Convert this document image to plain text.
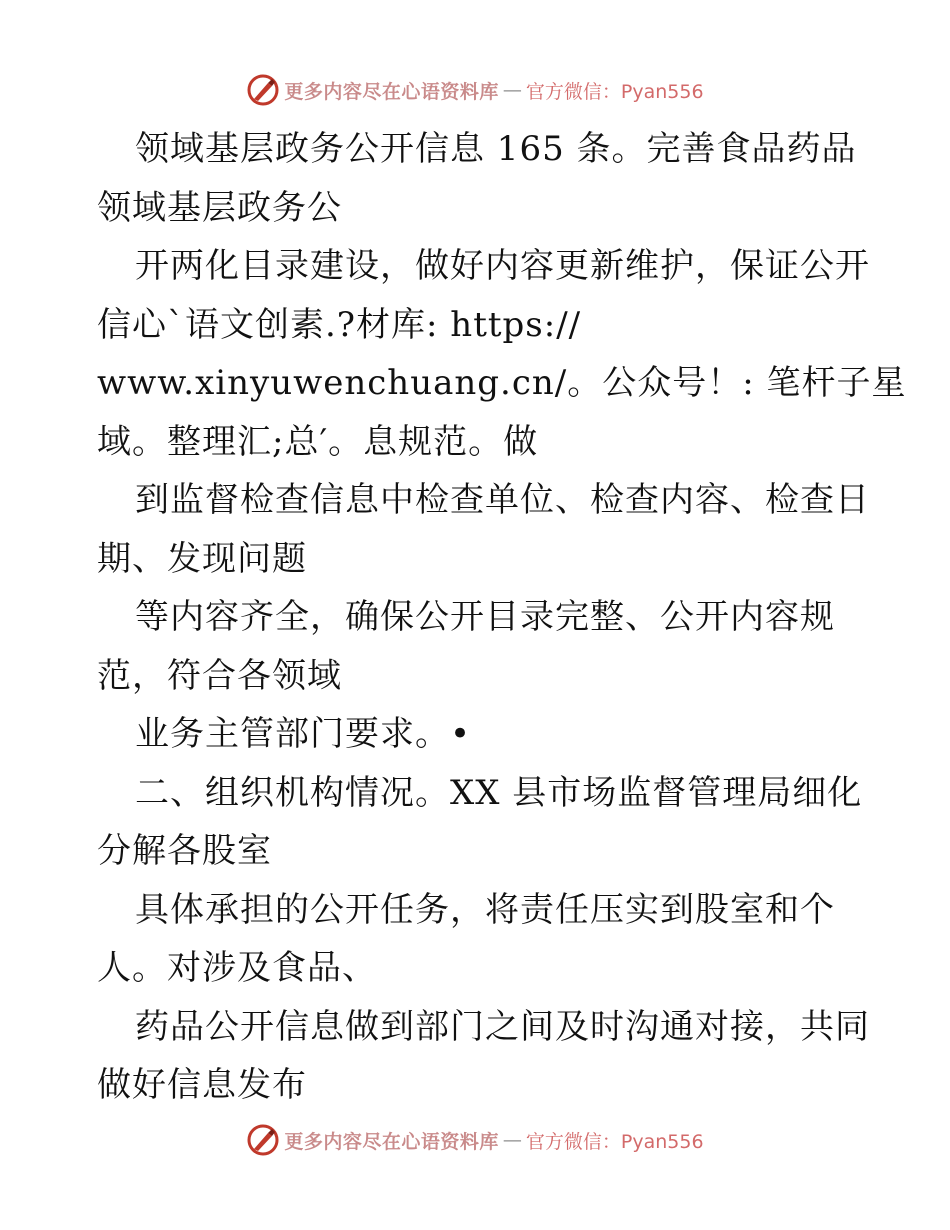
更多内容尽在心语资料库 — 官方微信：Pyan556
领域基层政务公开信息 165 条。完善食品药品
领域基层政务公
开两化目录建设，做好内容更新维护，保证公开
信心`语文创素.?材库: https://
www.xinyuwenchuang.cn/。公众号！: 笔杆子星
域。整理汇;总′。息规范。做
到监督检查信息中检查单位、检查内容、检查日
期、发现问题
等内容齐全，确保公开目录完整、公开内容规
范，符合各领域
业务主管部门要求。•
二、组织机构情况。XX 县市场监督管理局细化
分解各股室
具体承担的公开任务，将责任压实到股室和个
人。对涉及食品、
药品公开信息做到部门之间及时沟通对接，共同
做好信息发布
更多内容尽在心语资料库 — 官方微信：Pyan556
